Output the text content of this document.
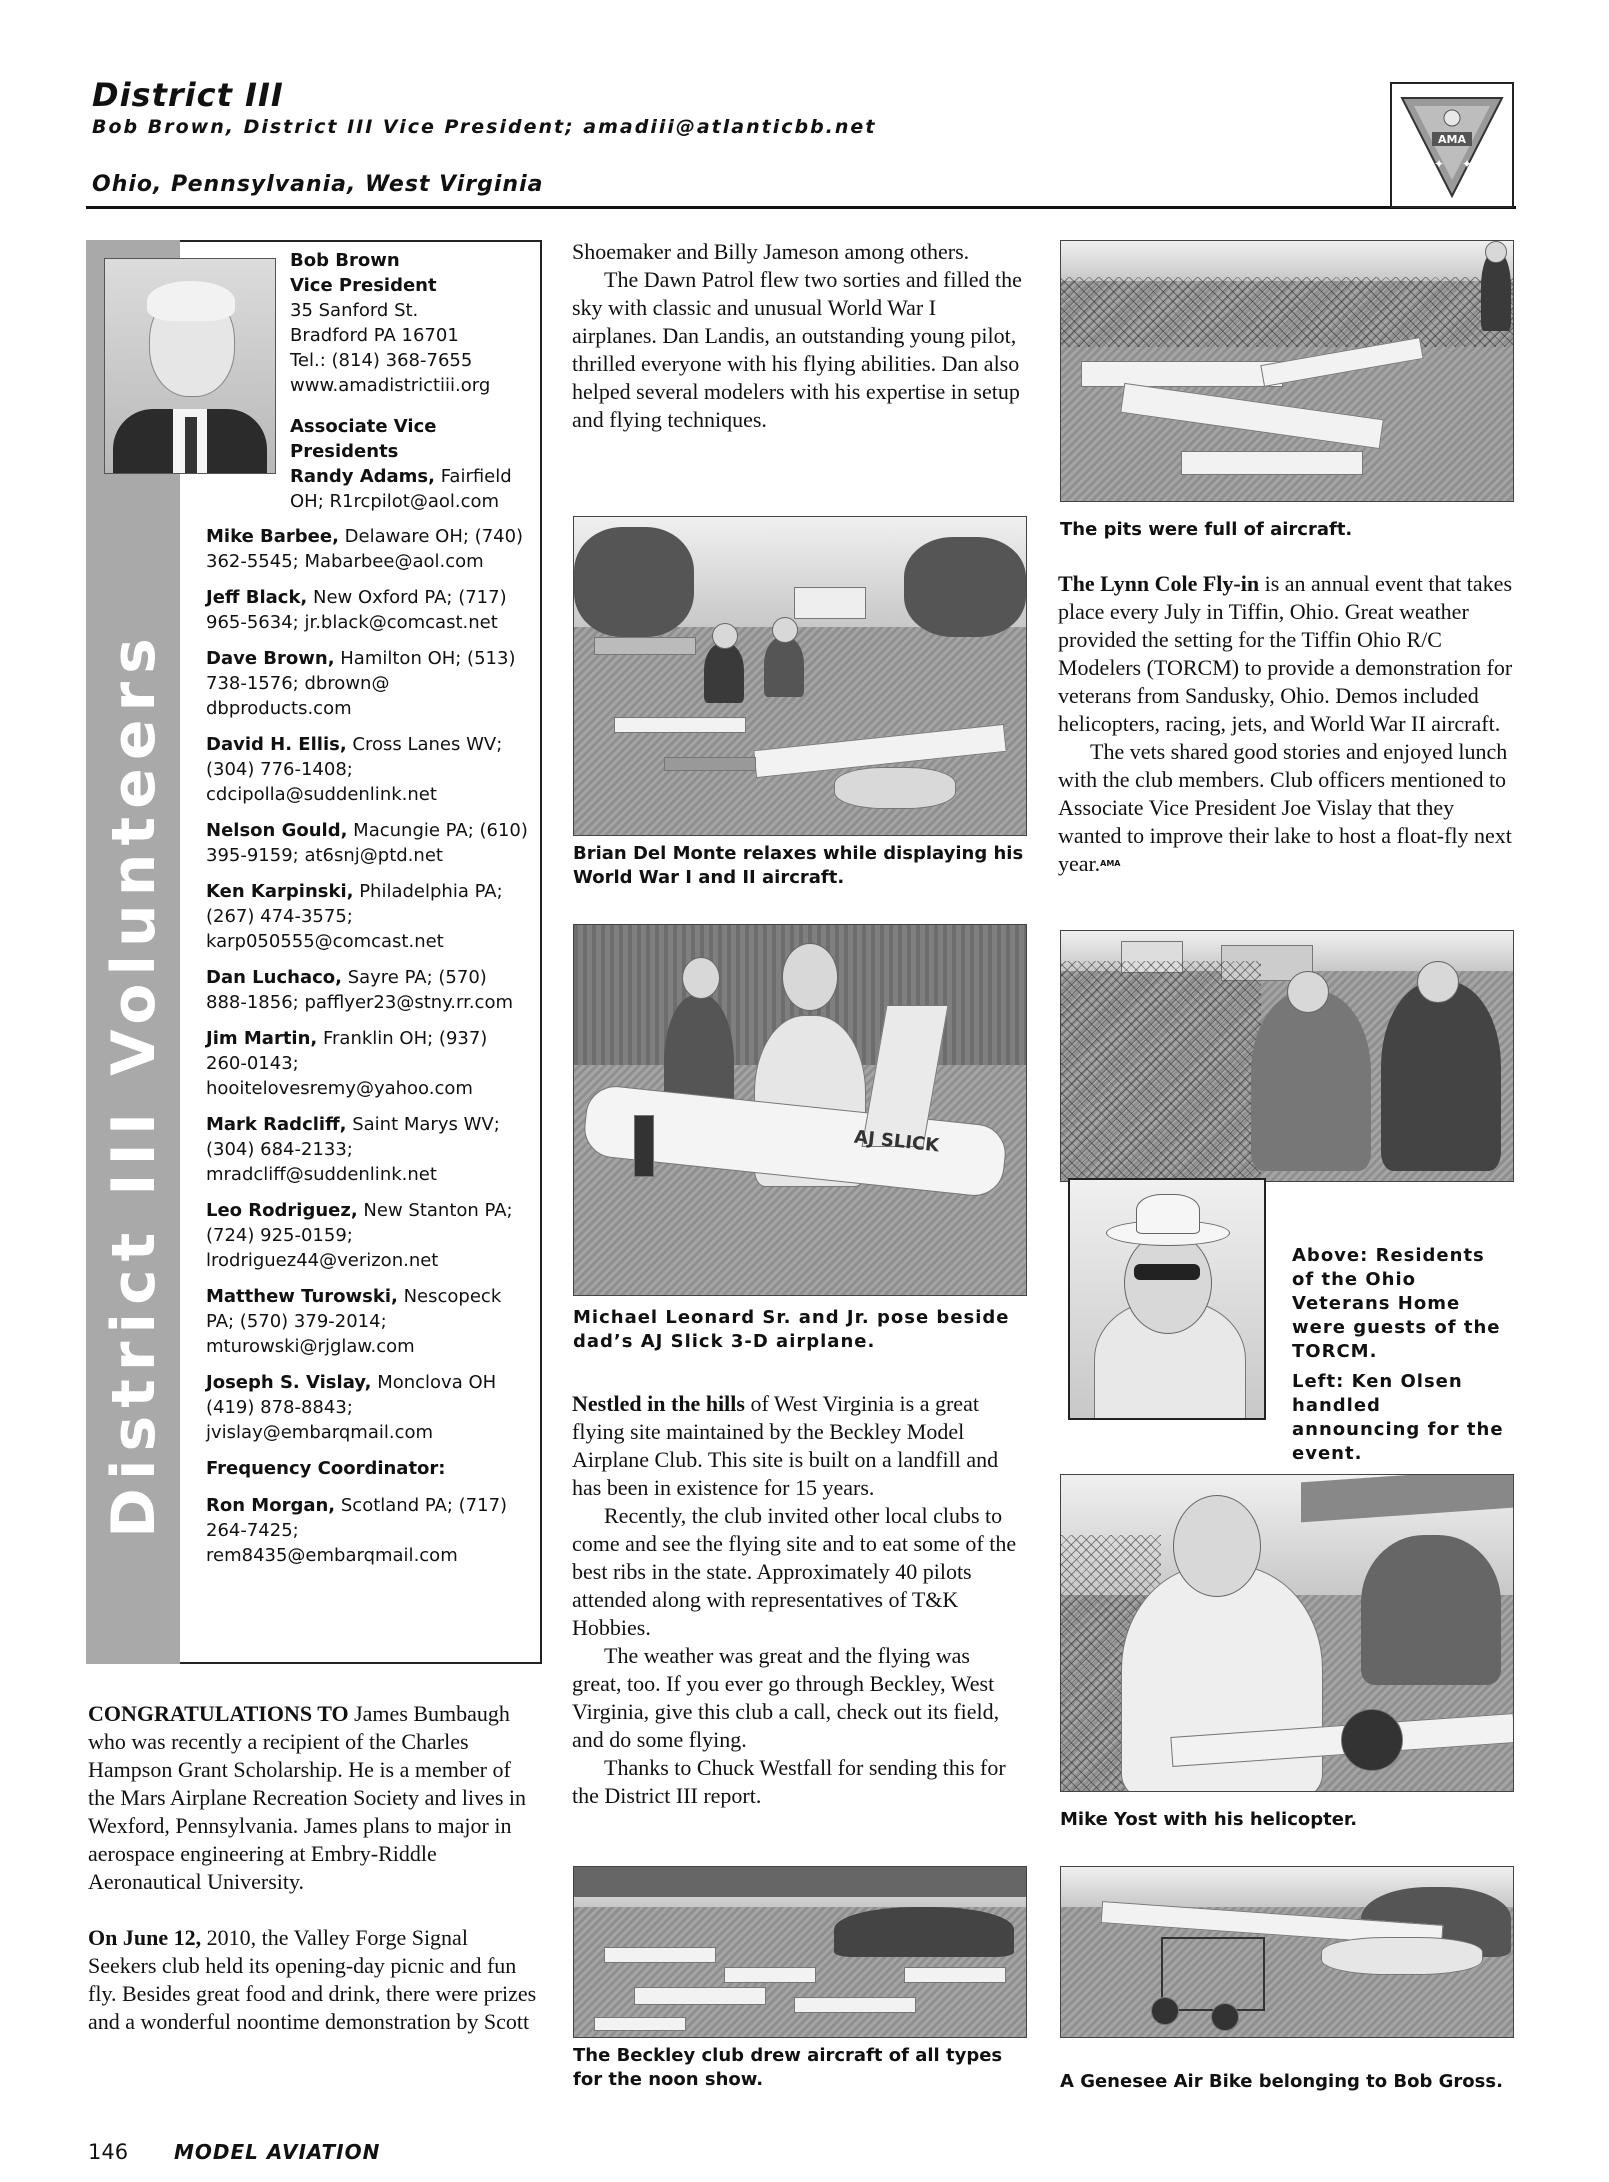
District III
Bob Brown, District III Vice President; amadiii@atlanticbb.net
Ohio, Pennsylvania, West Virginia
AMA
✦ ✦
District III Volunteers
Bob Brown
Vice President
35 Sanford St.
Bradford PA 16701
Tel.: (814) 368-7655
www.amadistrictiii.org
Associate Vice Presidents
Randy Adams, Fairfield
OH; R1rcpilot@aol.com
Mike Barbee, Delaware OH; (740) 362-5545; Mabarbee@aol.com
Jeff Black, New Oxford PA; (717) 965-5634; jr.black@comcast.net
Dave Brown, Hamilton OH; (513) 738-1576; dbrown@ dbproducts.com
David H. Ellis, Cross Lanes WV; (304) 776-1408; cdcipolla@suddenlink.net
Nelson Gould, Macungie PA; (610) 395-9159; at6snj@ptd.net
Ken Karpinski, Philadelphia PA; (267) 474-3575; karp050555@comcast.net
Dan Luchaco, Sayre PA; (570) 888-1856; pafflyer23@stny.rr.com
Jim Martin, Franklin OH; (937) 260-0143; hooitelovesremy@yahoo.com
Mark Radcliff, Saint Marys WV; (304) 684-2133; mradcliff@suddenlink.net
Leo Rodriguez, New Stanton PA; (724) 925-0159; lrodriguez44@verizon.net
Matthew Turowski, Nescopeck PA; (570) 379-2014; mturowski@rjglaw.com
Joseph S. Vislay, Monclova OH (419) 878-8843; jvislay@embarqmail.com
Frequency Coordinator:
Ron Morgan, Scotland PA; (717) 264-7425; rem8435@embarqmail.com

CONGRATULATIONS TO James Bumbaugh who was recently a recipient of the Charles Hampson Grant Scholarship. He is a member of the Mars Airplane Recreation Society and lives in Wexford, Pennsylvania. James plans to major in aerospace engineering at Embry-Riddle Aeronautical University.

On June 12, 2010, the Valley Forge Signal Seekers club held its opening-day picnic and fun fly. Besides great food and drink, there were prizes and a wonderful noontime demonstration by Scott

Shoemaker and Billy Jameson among others.

The Dawn Patrol flew two sorties and filled the sky with classic and unusual World War I airplanes. Dan Landis, an outstanding young pilot, thrilled everyone with his flying abilities. Dan also helped several modelers with his expertise in setup and flying techniques.

Brian Del Monte relaxes while displaying his World War I and II aircraft.
AJ SLICK
Michael Leonard Sr. and Jr. pose beside dad’s AJ Slick 3-D airplane.

Nestled in the hills of West Virginia is a great flying site maintained by the Beckley Model Airplane Club. This site is built on a landfill and has been in existence for 15 years.

Recently, the club invited other local clubs to come and see the flying site and to eat some of the best ribs in the state. Approximately 40 pilots attended along with representatives of T&K Hobbies.

The weather was great and the flying was great, too. If you ever go through Beckley, West Virginia, give this club a call, check out its field, and do some flying.

Thanks to Chuck Westfall for sending this for the District III report.

The Beckley club drew aircraft of all types for the noon show.
The pits were full of aircraft.

The Lynn Cole Fly-in is an annual event that takes place every July in Tiffin, Ohio. Great weather provided the setting for the Tiffin Ohio R/C Modelers (TORCM) to provide a demonstration for veterans from Sandusky, Ohio. Demos included helicopters, racing, jets, and World War II aircraft.

The vets shared good stories and enjoyed lunch with the club members. Club officers mentioned to Associate Vice President Joe Vislay that they wanted to improve their lake to host a float-fly next year.$^{AMA}$

Above: Residents of the Ohio Veterans Home were guests of the TORCM.
Left: Ken Olsen handled announcing for the event.
Mike Yost with his helicopter.
A Genesee Air Bike belonging to Bob Gross.
146 MODEL AVIATION
